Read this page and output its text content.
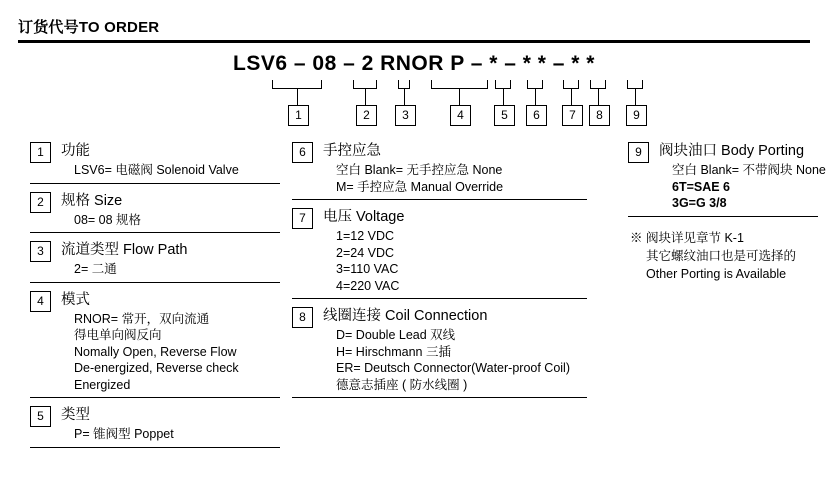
订货代号TO ORDER
LSV6 – 08 – 2 RNOR P – * – * * – * *
1	2	3	4	5	6	7	8	9
1	功能
LSV6= 电磁阀 Solenoid Valve
2	规格 Size
08= 08 规格
3	流道类型 Flow Path
2= 二通
4	模式
RNOR= 常开，双向流通
得电单向阀反向
Nomally Open, Reverse Flow
De-energized, Reverse check
Energized
5	类型
P= 锥阀型 Poppet
6	手控应急
空白 Blank= 无手控应急 None
M= 手控应急 Manual Override
7	电压 Voltage
1=12 VDC
2=24 VDC
3=110 VAC
4=220 VAC
8	线圈连接 Coil Connection
D= Double Lead 双线
H= Hirschmann 三插
ER= Deutsch Connector(Water-proof Coil)
德意志插座 ( 防水线圈 )
9	阀块油口 Body Porting
空白 Blank= 不带阀块 None
6T=SAE 6
3G=G 3/8
※ 阀块详见章节 K-1
其它螺纹油口也是可选择的
Other Porting is Available
